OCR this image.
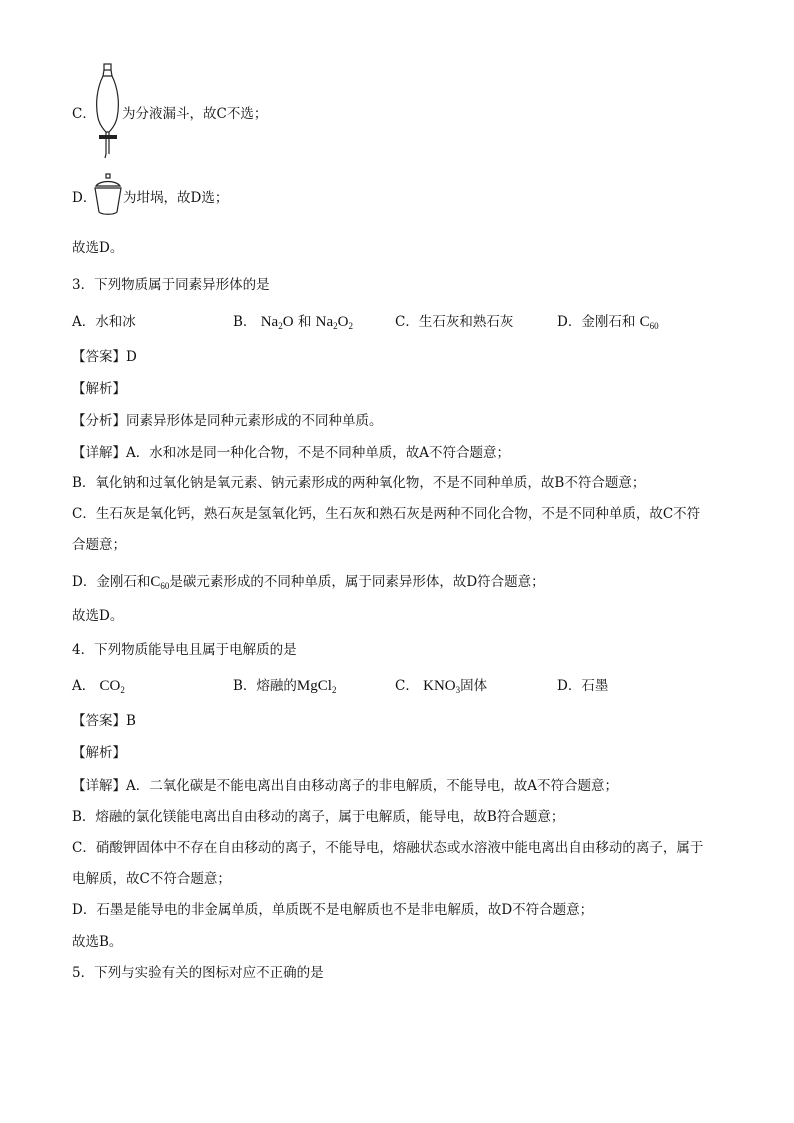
C． 为分液漏斗，故C不选；
D． 为坩埚，故D选；
故选D。
3．下列物质属于同素异形体的是
A．水和冰	B． $Na_2O$ 和 $Na_2O_2$	C．生石灰和熟石灰	D．金刚石和 $C_{60}$
【答案】D
【解析】
【分析】同素异形体是同种元素形成的不同种单质。
【详解】A．水和冰是同一种化合物，不是不同种单质，故A不符合题意；
B．氧化钠和过氧化钠是氧元素、钠元素形成的两种氧化物，不是不同种单质，故B不符合题意；
C．生石灰是氧化钙，熟石灰是氢氧化钙，生石灰和熟石灰是两种不同化合物，不是不同种单质，故C不符
合题意；
D．金刚石和$C_{60}$是碳元素形成的不同种单质，属于同素异形体，故D符合题意；
故选D。
4．下列物质能导电且属于电解质的是
A． $CO_2$	B．熔融的MgCl$_2$	C． $KNO_3$固体	D．石墨
【答案】B
【解析】
【详解】A．二氧化碳是不能电离出自由移动离子的非电解质，不能导电，故A不符合题意；
B．熔融的氯化镁能电离出自由移动的离子，属于电解质，能导电，故B符合题意；
C．硝酸钾固体中不存在自由移动的离子，不能导电，熔融状态或水溶液中能电离出自由移动的离子，属于
电解质，故C不符合题意；
D．石墨是能导电的非金属单质，单质既不是电解质也不是非电解质，故D不符合题意；
故选B。
5．下列与实验有关的图标对应不正确的是
